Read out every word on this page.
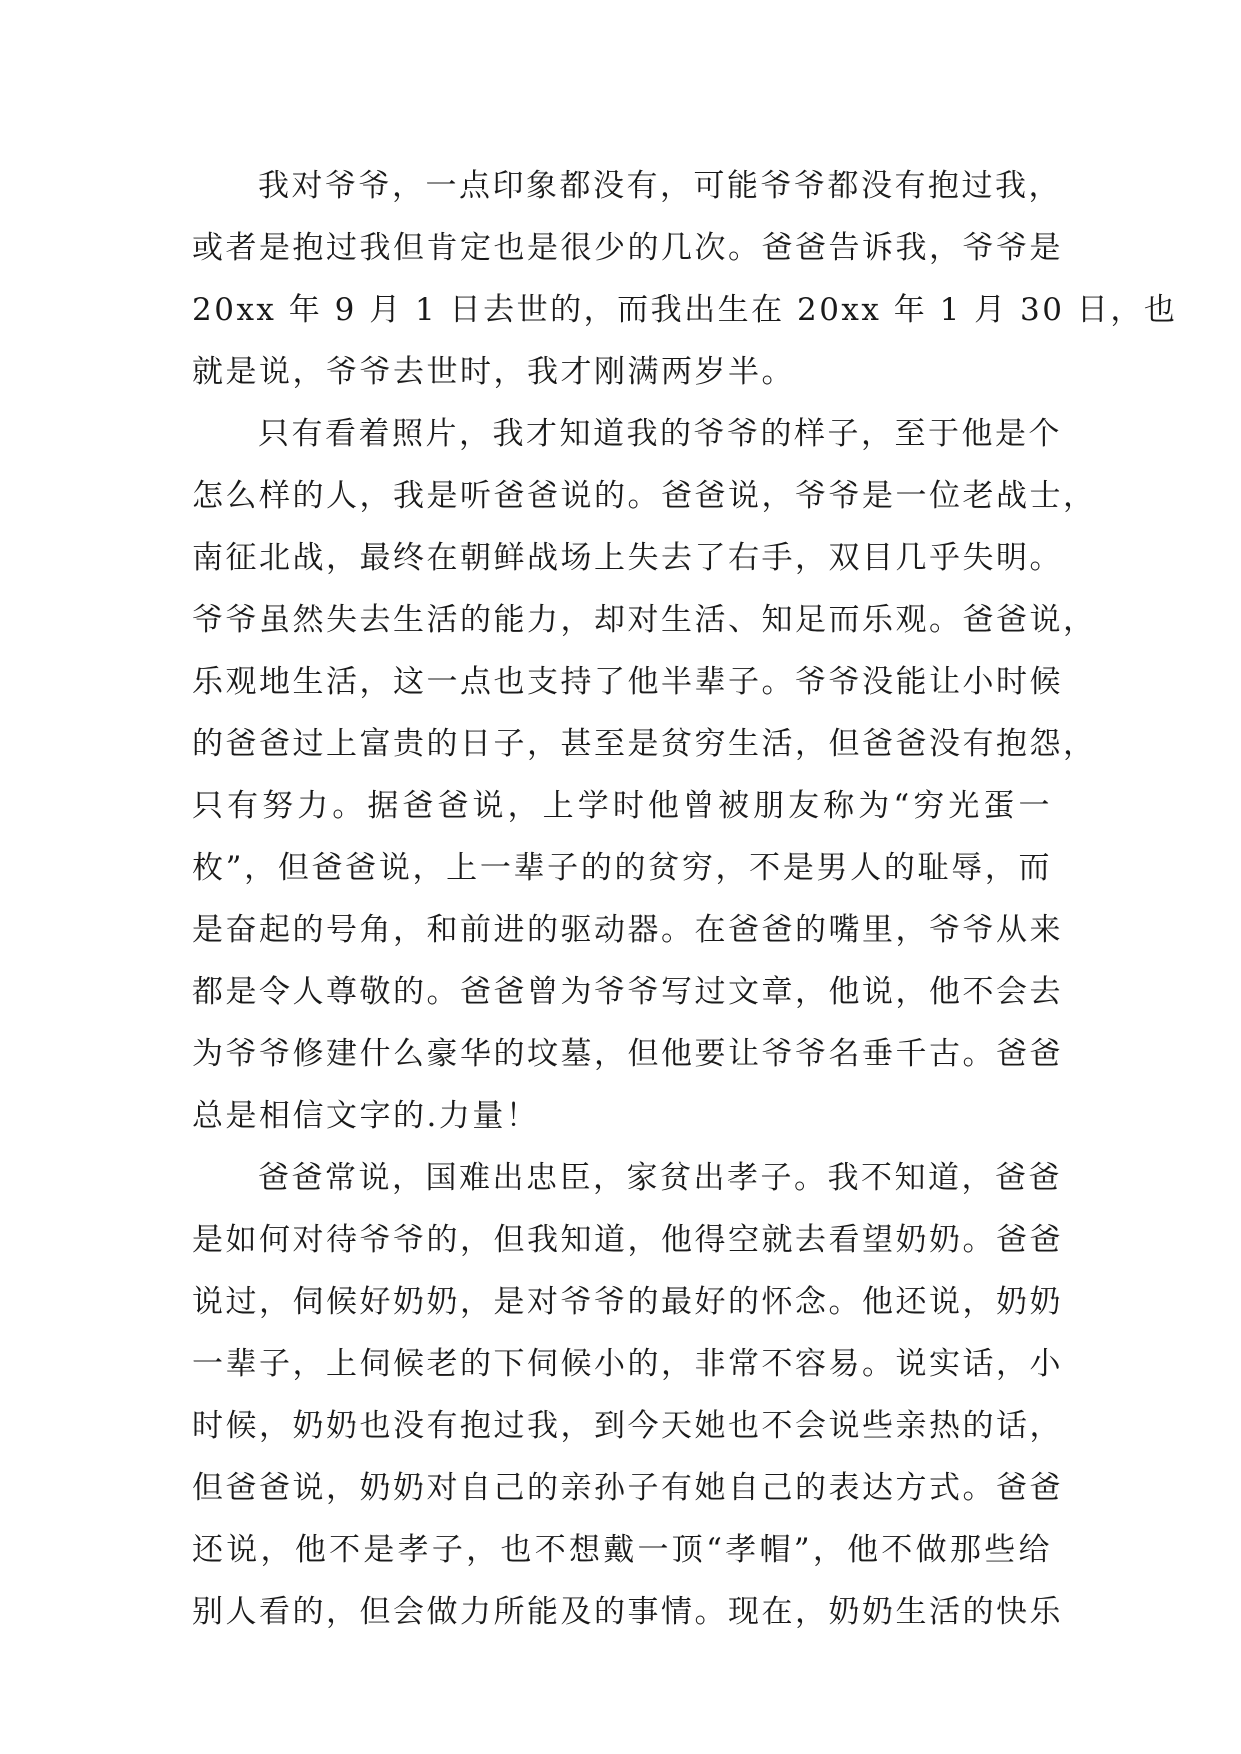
我对爷爷，一点印象都没有，可能爷爷都没有抱过我，
或者是抱过我但肯定也是很少的几次。爸爸告诉我，爷爷是
20xx 年 9 月 1 日去世的，而我出生在 20xx 年 1 月 30 日，也
就是说，爷爷去世时，我才刚满两岁半。
只有看着照片，我才知道我的爷爷的样子，至于他是个
怎么样的人，我是听爸爸说的。爸爸说，爷爷是一位老战士，
南征北战，最终在朝鲜战场上失去了右手，双目几乎失明。
爷爷虽然失去生活的能力，却对生活、知足而乐观。爸爸说，
乐观地生活，这一点也支持了他半辈子。爷爷没能让小时候
的爸爸过上富贵的日子，甚至是贫穷生活，但爸爸没有抱怨，
只有努力。据爸爸说，上学时他曾被朋友称为“穷光蛋一
枚”，但爸爸说，上一辈子的的贫穷，不是男人的耻辱，而
是奋起的号角，和前进的驱动器。在爸爸的嘴里，爷爷从来
都是令人尊敬的。爸爸曾为爷爷写过文章，他说，他不会去
为爷爷修建什么豪华的坟墓，但他要让爷爷名垂千古。爸爸
总是相信文字的.力量！
爸爸常说，国难出忠臣，家贫出孝子。我不知道，爸爸
是如何对待爷爷的，但我知道，他得空就去看望奶奶。爸爸
说过，伺候好奶奶，是对爷爷的最好的怀念。他还说，奶奶
一辈子，上伺候老的下伺候小的，非常不容易。说实话，小
时候，奶奶也没有抱过我，到今天她也不会说些亲热的话，
但爸爸说，奶奶对自己的亲孙子有她自己的表达方式。爸爸
还说，他不是孝子，也不想戴一顶“孝帽”，他不做那些给
别人看的，但会做力所能及的事情。现在，奶奶生活的快乐
